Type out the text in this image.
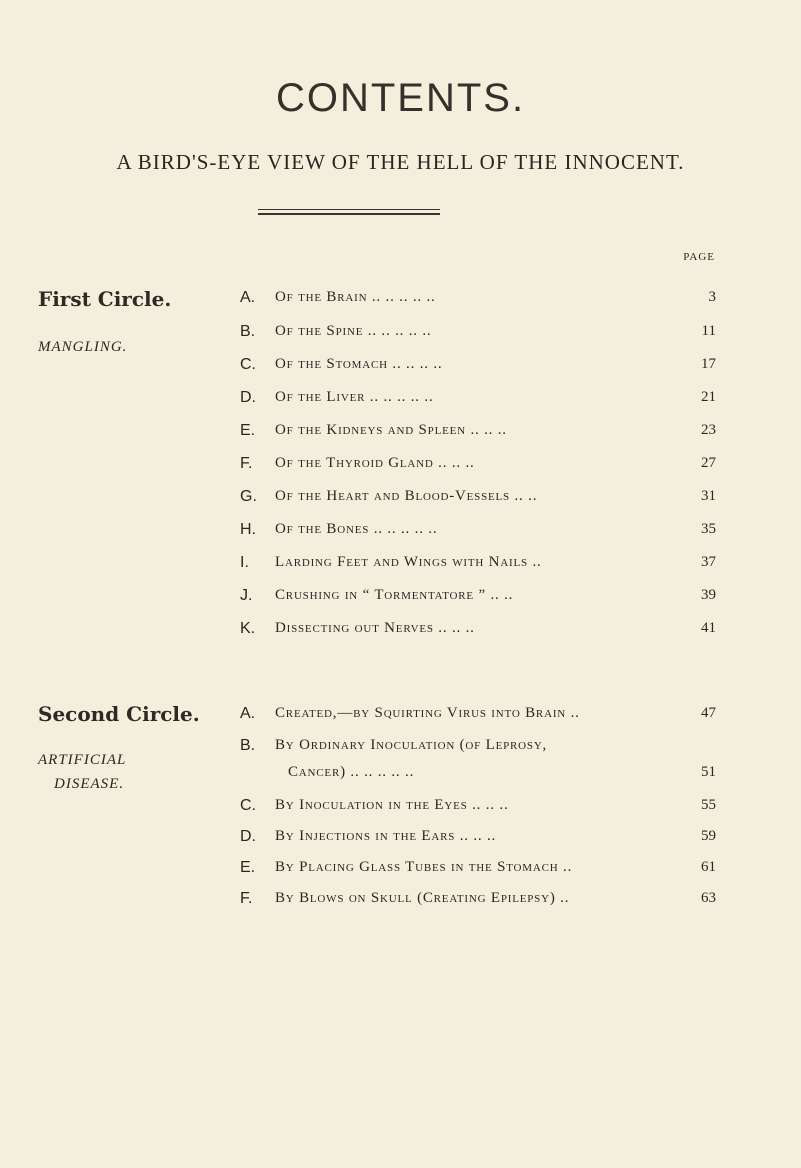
CONTENTS.
A BIRD'S-EYE VIEW OF THE HELL OF THE INNOCENT.
PAGE
First Circle.
MANGLING.
A.	Of the Brain .. .. .. .. ..	3
B.	Of the Spine .. .. .. .. ..	11
C.	Of the Stomach .. .. .. ..	17
D.	Of the Liver .. .. .. .. ..	21
E.	Of the Kidneys and Spleen .. .. ..	23
F.	Of the Thyroid Gland .. .. ..	27
G.	Of the Heart and Blood-Vessels .. ..	31
H.	Of the Bones .. .. .. .. ..	35
I.	Larding Feet and Wings with Nails ..	37
J.	Crushing in “ Tormentatore ” .. ..	39
K.	Dissecting out Nerves .. .. ..	41
Second Circle.
ARTIFICIAL
DISEASE.
A.	Created,—by Squirting Virus into Brain ..	47
B.	By Ordinary Inoculation (of Leprosy,
Cancer) .. .. .. .. ..	51
C.	By Inoculation in the Eyes .. .. ..	55
D.	By Injections in the Ears .. .. ..	59
E.	By Placing Glass Tubes in the Stomach ..	61
F.	By Blows on Skull (Creating Epilepsy) ..	63
